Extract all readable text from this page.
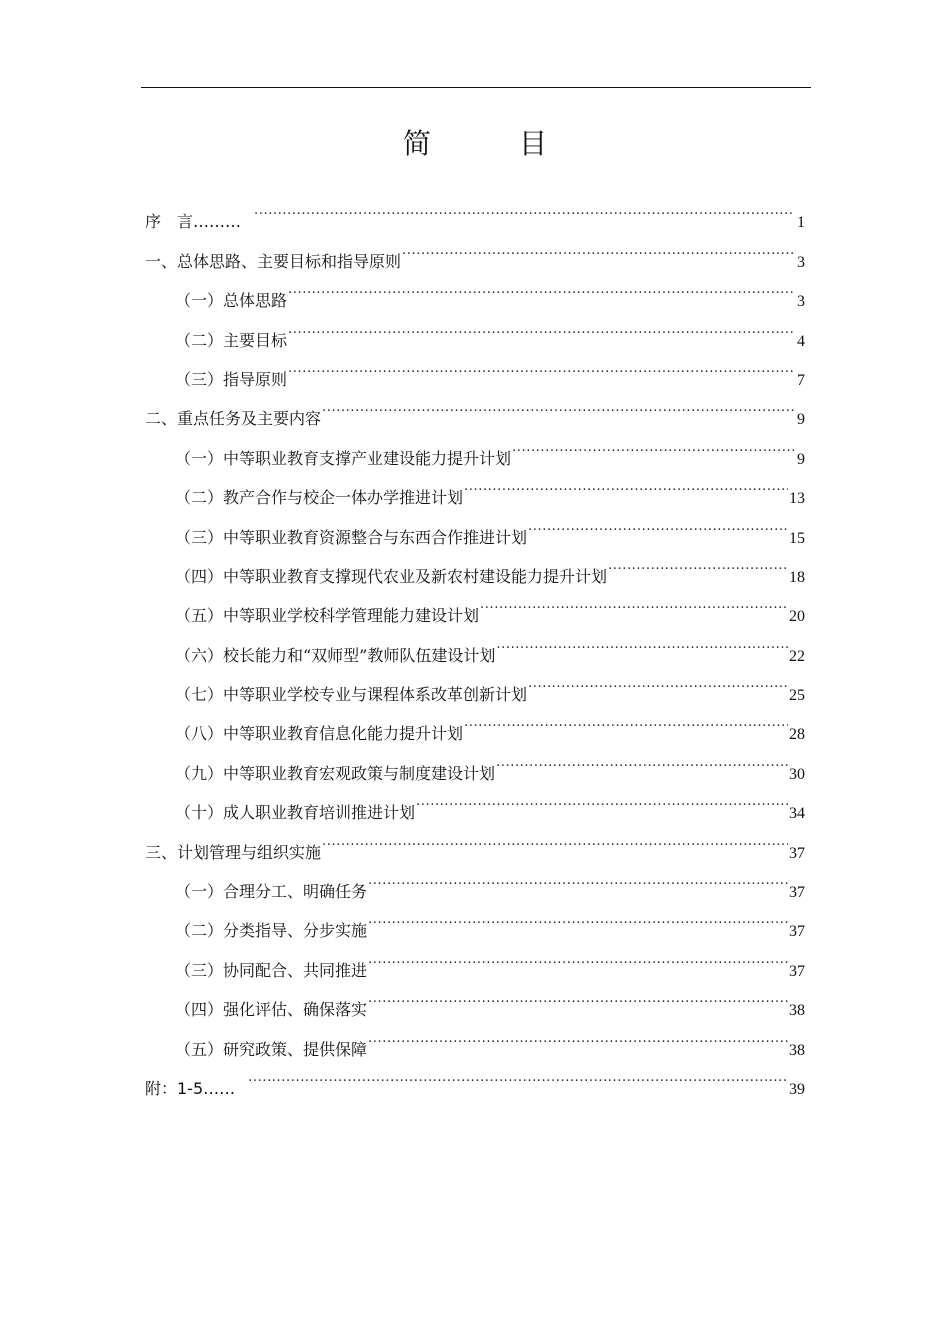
简　目
序　言……… .....	1
一、总体思路、主要目标和指导原则 .....	3
（一）总体思路 .....	3
（二）主要目标 .....	4
（三）指导原则 .....	7
二、重点任务及主要内容 .....	9
（一）中等职业教育支撑产业建设能力提升计划 .....	9
（二）教产合作与校企一体办学推进计划 .....	13
（三）中等职业教育资源整合与东西合作推进计划 .....	15
（四）中等职业教育支撑现代农业及新农村建设能力提升计划 .....	18
（五）中等职业学校科学管理能力建设计划 .....	20
（六）校长能力和“双师型”教师队伍建设计划 .....	22
（七）中等职业学校专业与课程体系改革创新计划 .....	25
（八）中等职业教育信息化能力提升计划 .....	28
（九）中等职业教育宏观政策与制度建设计划 .....	30
（十）成人职业教育培训推进计划 .....	34
三、计划管理与组织实施 .....	37
（一）合理分工、明确任务 .....	37
（二）分类指导、分步实施 .....	37
（三）协同配合、共同推进 .....	37
（四）强化评估、确保落实 .....	38
（五）研究政策、提供保障 .....	38
附：1-5…… .....	39
